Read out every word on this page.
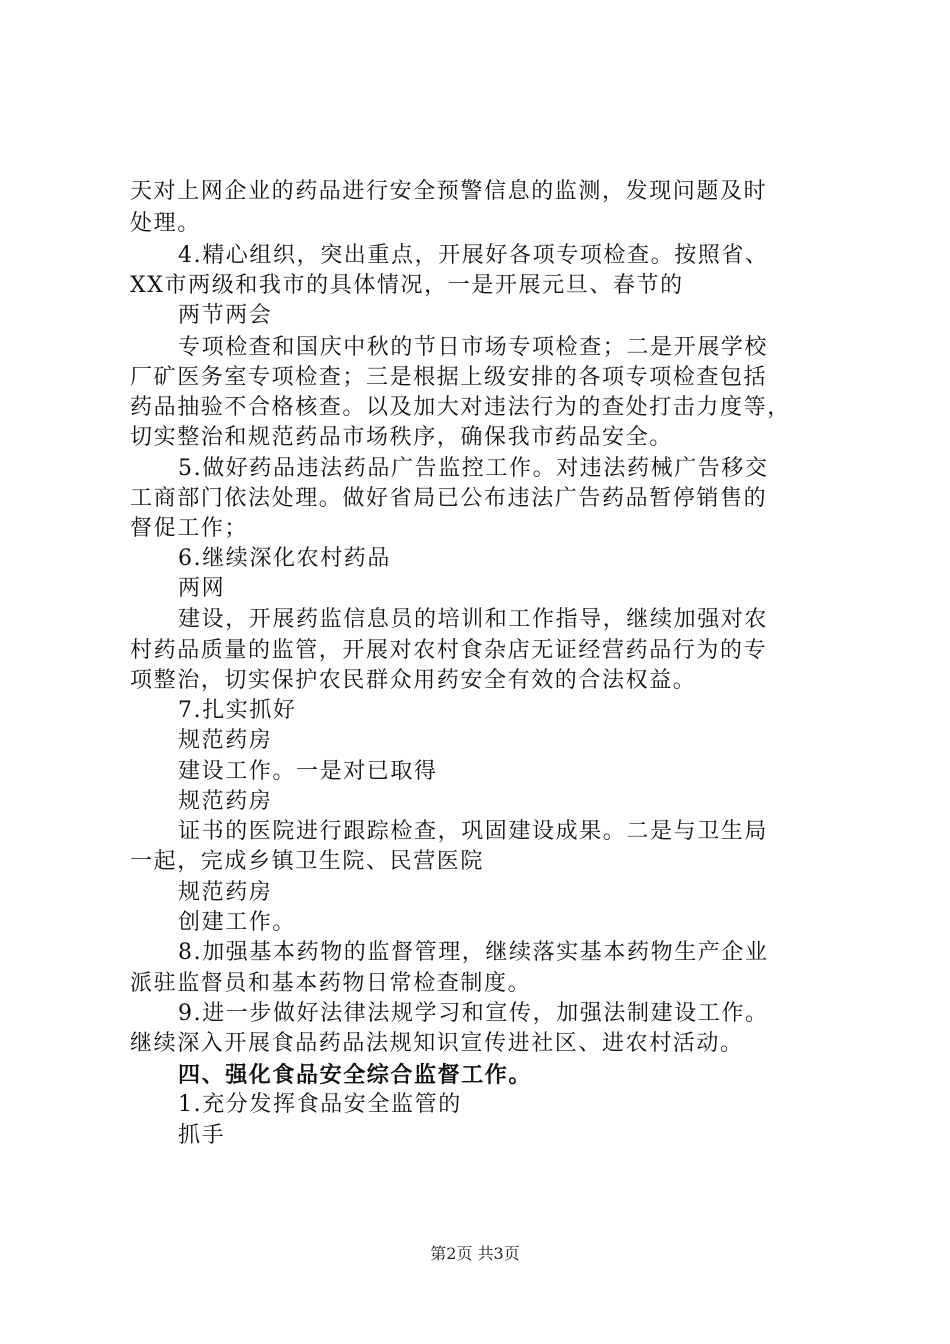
天对上网企业的药品进行安全预警信息的监测，发现问题及时
处理。
4.精心组织，突出重点，开展好各项专项检查。按照省、
XX市两级和我市的具体情况，一是开展元旦、春节的
两节两会
专项检查和国庆中秋的节日市场专项检查；二是开展学校
厂矿医务室专项检查；三是根据上级安排的各项专项检查包括
药品抽验不合格核查。以及加大对违法行为的查处打击力度等，
切实整治和规范药品市场秩序，确保我市药品安全。
5.做好药品违法药品广告监控工作。对违法药械广告移交
工商部门依法处理。做好省局已公布违法广告药品暂停销售的
督促工作；
6.继续深化农村药品
两网
建设，开展药监信息员的培训和工作指导，继续加强对农
村药品质量的监管，开展对农村食杂店无证经营药品行为的专
项整治，切实保护农民群众用药安全有效的合法权益。
7.扎实抓好
规范药房
建设工作。一是对已取得
规范药房
证书的医院进行跟踪检查，巩固建设成果。二是与卫生局
一起，完成乡镇卫生院、民营医院
规范药房
创建工作。
8.加强基本药物的监督管理，继续落实基本药物生产企业
派驻监督员和基本药物日常检查制度。
9.进一步做好法律法规学习和宣传，加强法制建设工作。
继续深入开展食品药品法规知识宣传进社区、进农村活动。
四、强化食品安全综合监督工作。
1.充分发挥食品安全监管的
抓手
第2页 共3页
